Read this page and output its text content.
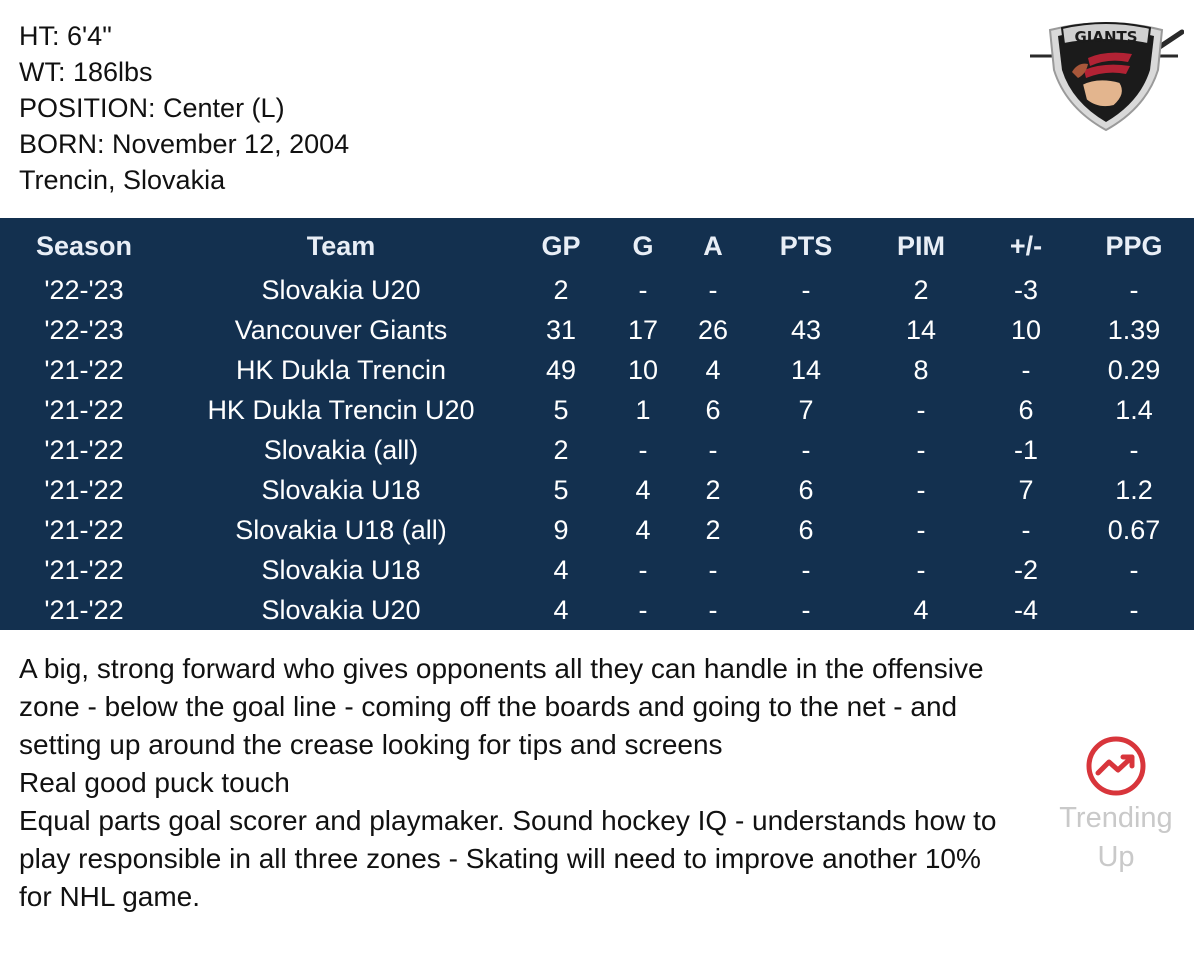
HT: 6'4"
WT: 186lbs
POSITION: Center (L)
BORN: November 12, 2004
Trencin, Slovakia
GIANTS
Season	Team	GP	G	A	PTS	PIM	+/-	PPG
'22-'23	Slovakia U20	2	-	-	-	2	-3	-
'22-'23	Vancouver Giants	31	17	26	43	14	10	1.39
'21-'22	HK Dukla Trencin	49	10	4	14	8	-	0.29
'21-'22	HK Dukla Trencin U20	5	1	6	7	-	6	1.4
'21-'22	Slovakia (all)	2	-	-	-	-	-1	-
'21-'22	Slovakia U18	5	4	2	6	-	7	1.2
'21-'22	Slovakia U18 (all)	9	4	2	6	-	-	0.67
'21-'22	Slovakia U18	4	-	-	-	-	-2	-
'21-'22	Slovakia U20	4	-	-	-	4	-4	-
A big, strong forward who gives opponents all they can handle in the offensive zone - below the goal line - coming off the boards and going to the net - and setting up around the crease looking for tips and screens
Real good puck touch
Equal parts goal scorer and playmaker. Sound hockey IQ - understands how to play responsible in all three zones - Skating will need to improve another 10% for NHL game.
Trending
Up
